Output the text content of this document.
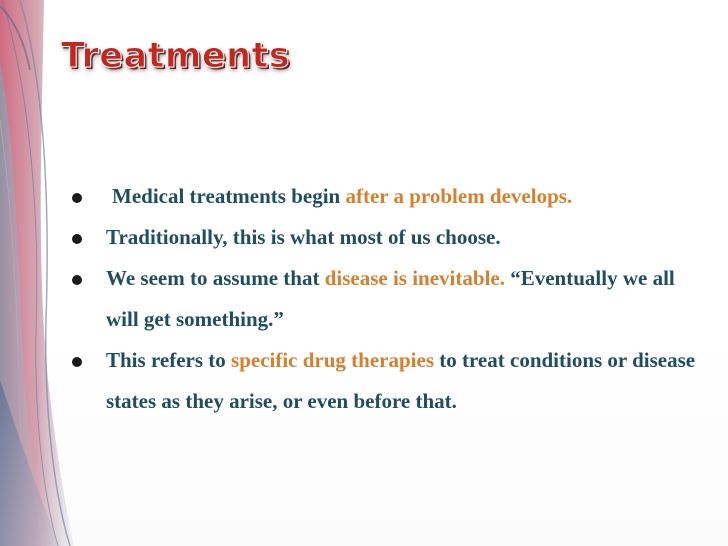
Treatments
Medical treatments begin after a problem develops.
Traditionally, this is what most of us choose.
We seem to assume that disease is inevitable. “Eventually we all will get something.”
This refers to specific drug therapies to treat conditions or disease states as they arise, or even before that.
